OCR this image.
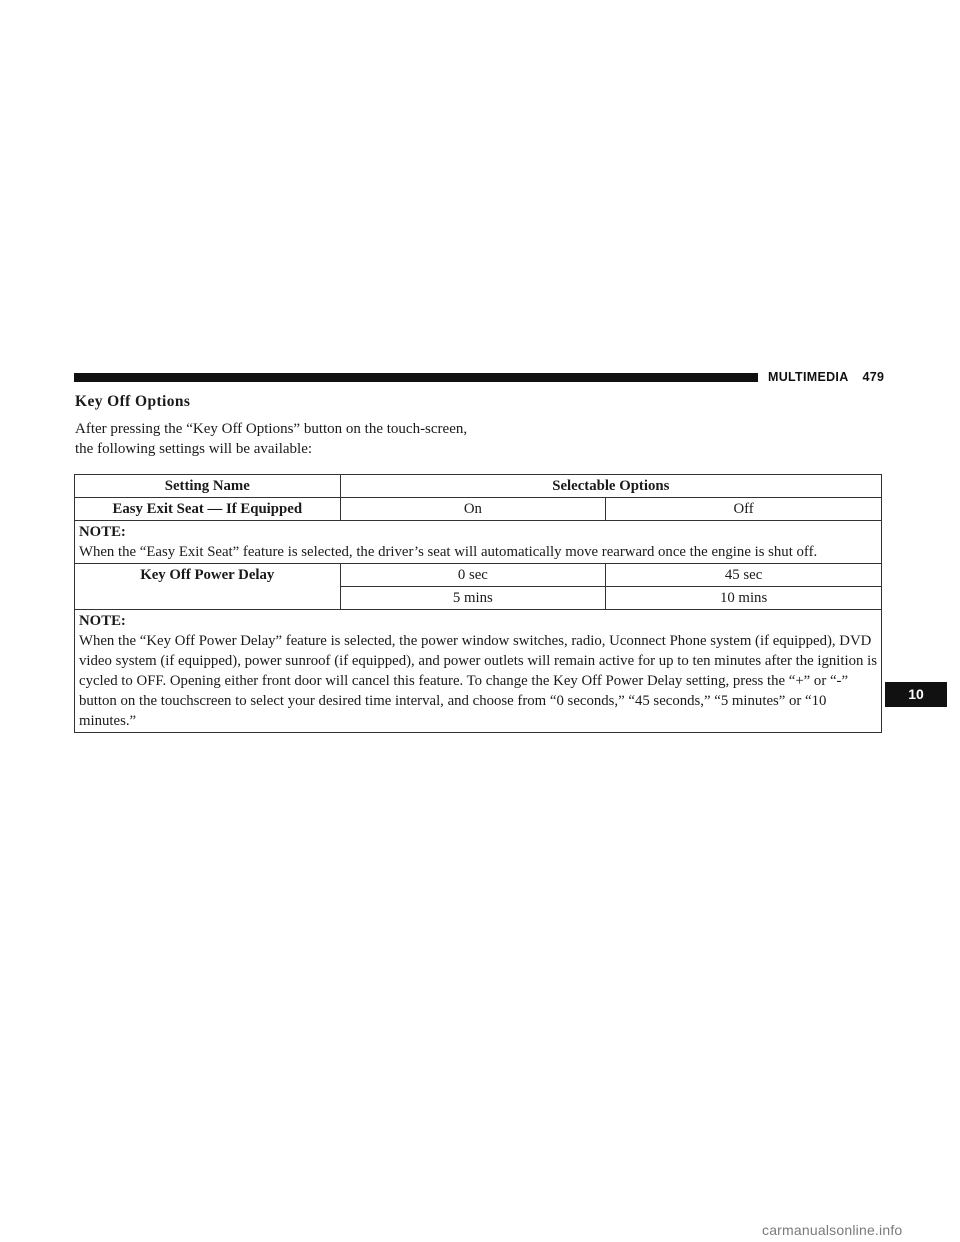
MULTIMEDIA 479
Key Off Options

After pressing the “Key Off Options” button on the touch-screen, the following settings will be available:

Setting Name	Selectable Options	
Easy Exit Seat — If Equipped	On	Off

NOTE:
When the “Easy Exit Seat” feature is selected, the driver’s seat will automatically move rearward once the engine is shut off.		

Key Off Power Delay	0 sec	45 sec
	5 mins	10 mins

NOTE:
When the “Key Off Power Delay” feature is selected, the power window switches, radio, Uconnect Phone system (if equipped), DVD video system (if equipped), power sunroof (if equipped), and power outlets will remain active for up to ten minutes after the ignition is cycled to OFF. Opening either front door will cancel this feature. To change the Key Off Power Delay setting, press the “+” or “-” button on the touchscreen to select your desired time interval, and choose from “0 seconds,” “45 seconds,” “5 minutes” or “10 minutes.”		
10
carmanualsonline.info
